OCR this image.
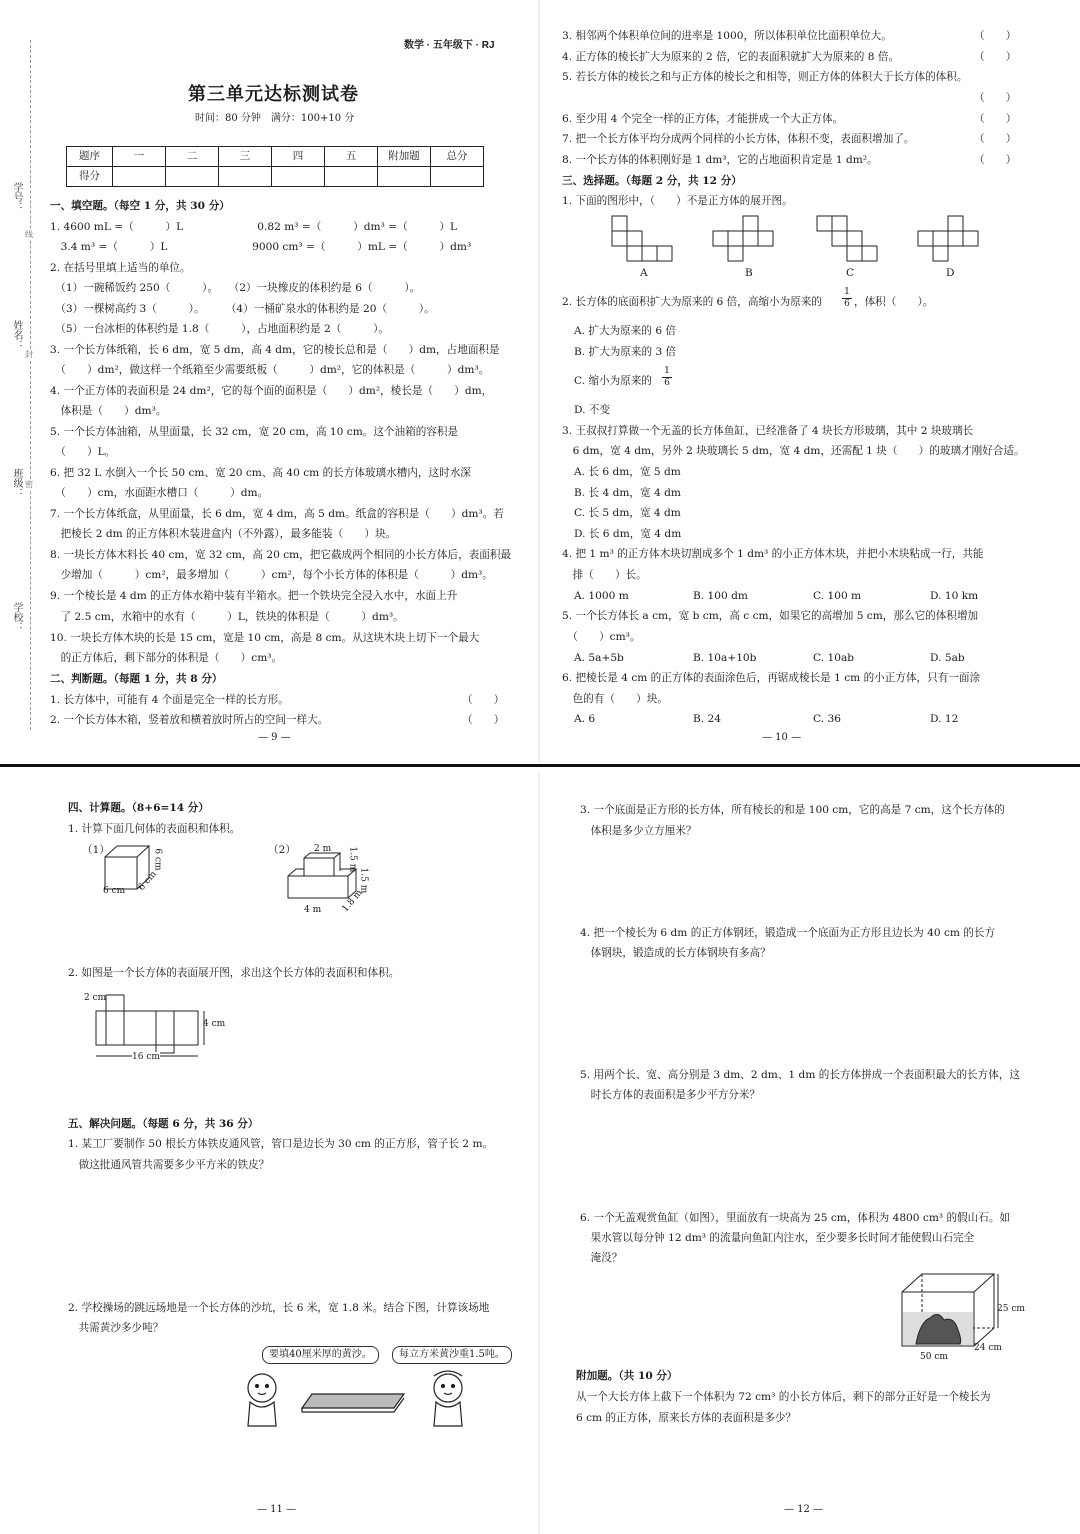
学号：
姓名：
班级：
学校：
线
封
密
数学 · 五年级下 · RJ
第三单元达标测试卷
时间：80 分钟　满分：100+10 分
题序	一	二	三	四	五	附加题	总分
得分							
一、填空题。（每空 1 分，共 30 分）
1. 4600 mL =（　　　）L　　　　　　　0.82 m³ =（　　　）dm³ =（　　　）L
　3.4 m³ =（　　　）L　　　　　　　　9000 cm³ =（　　　）mL =（　　　）dm³
2. 在括号里填上适当的单位。
　（1）一碗稀饭约 250（　　　）。　　（2）一块橡皮的体积约是 6（　　　）。
　（3）一棵树高约 3（　　　）。　　　（4）一桶矿泉水的体积约是 20（　　　）。
　（5）一台冰柜的体积约是 1.8（　　　），占地面积约是 2（　　　）。
3. 一个长方体纸箱，长 6 dm，宽 5 dm，高 4 dm，它的棱长总和是（　　）dm，占地面积是
　（　　）dm²，做这样一个纸箱至少需要纸板（　　　）dm²，它的体积是（　　　）dm³。
4. 一个正方体的表面积是 24 dm²，它的每个面的面积是（　　）dm²，棱长是（　　）dm，
　体积是（　　）dm³。
5. 一个长方体油箱，从里面量，长 32 cm，宽 20 cm，高 10 cm。这个油箱的容积是
　（　　）L。
6. 把 32 L 水倒入一个长 50 cm、宽 20 cm、高 40 cm 的长方体玻璃水槽内，这时水深
　（　　）cm，水面距水槽口（　　　）dm。
7. 一个长方体纸盒，从里面量，长 6 dm，宽 4 dm，高 5 dm。纸盒的容积是（　　）dm³。若
　把棱长 2 dm 的正方体积木装进盒内（不外露），最多能装（　　）块。
8. 一块长方体木料长 40 cm，宽 32 cm，高 20 cm，把它截成两个相同的小长方体后，表面积最
　少增加（　　　）cm²，最多增加（　　　）cm²，每个小长方体的体积是（　　　）dm³。
9. 一个棱长是 4 dm 的正方体水箱中装有半箱水。把一个铁块完全浸入水中，水面上升
　了 2.5 cm，水箱中的水有（　　　）L，铁块的体积是（　　　）dm³。
10. 一块长方体木块的长是 15 cm，宽是 10 cm，高是 8 cm。从这块木块上切下一个最大
　的正方体后，剩下部分的体积是（　　）cm³。
二、判断题。（每题 1 分，共 8 分）
1. 长方体中，可能有 4 个面是完全一样的长方形。	（　　）
2. 一个长方体木箱，竖着放和横着放时所占的空间一样大。	（　　）
— 9 —
3. 相邻两个体积单位间的进率是 1000，所以体积单位比面积单位大。	（　　）
4. 正方体的棱长扩大为原来的 2 倍，它的表面积就扩大为原来的 8 倍。	（　　）
5. 若长方体的棱长之和与正方体的棱长之和相等，则正方体的体积大于长方体的体积。
（　　）
6. 至少用 4 个完全一样的正方体，才能拼成一个大正方体。	（　　）
7. 把一个长方体平均分成两个同样的小长方体，体积不变，表面积增加了。	（　　）
8. 一个长方体的体积刚好是 1 dm³，它的占地面积肯定是 1 dm²。	（　　）
三、选择题。（每题 2 分，共 12 分）
1. 下面的图形中，（　　）不是正方体的展开图。
A	B	C	D
2. 长方体的底面积扩大为原来的 6 倍，高缩小为原来的 $\frac{1}{6}$ ，体积（　　）。
A. 扩大为原来的 6 倍
B. 扩大为原来的 3 倍
C. 缩小为原来的 $\frac{1}{6}$
D. 不变
3. 王叔叔打算做一个无盖的长方体鱼缸，已经准备了 4 块长方形玻璃，其中 2 块玻璃长
　6 dm，宽 4 dm，另外 2 块玻璃长 5 dm，宽 4 dm，还需配 1 块（　　）的玻璃才刚好合适。
A. 长 6 dm，宽 5 dm
B. 长 4 dm，宽 4 dm
C. 长 5 dm，宽 4 dm
D. 长 6 dm，宽 4 dm
4. 把 1 m³ 的正方体木块切割成多个 1 dm³ 的小正方体木块，并把小木块粘成一行，共能
　排（　　）长。
A. 1000 m	B. 100 dm	C. 100 m	D. 10 km
5. 一个长方体长 a cm，宽 b cm，高 c cm，如果它的高增加 5 cm，那么它的体积增加
　（　　）cm³。
A. 5a+5b	B. 10a+10b	C. 10ab	D. 5ab
6. 把棱长是 4 cm 的正方体的表面涂色后，再锯成棱长是 1 cm 的小正方体，只有一面涂
　色的有（　　）块。
A. 6	B. 24	C. 36	D. 12
— 10 —
四、计算题。（8+6=14 分）
1. 计算下面几何体的表面积和体积。
（1）
6 cm 6 cm
6 cm	（2） 2 m 1.5 m
1.5 m
4 m 1.8 m
2. 如图是一个长方体的表面展开图，求出这个长方体的表面积和体积。
2 cm
4 cm
16 cm
五、解决问题。（每题 6 分，共 36 分）
1. 某工厂要制作 50 根长方体铁皮通风管，管口是边长为 30 cm 的正方形，管子长 2 m。
　做这批通风管共需要多少平方米的铁皮？
2. 学校操场的跳远场地是一个长方体的沙坑，长 6 米，宽 1.8 米。结合下图，计算该场地
　共需黄沙多少吨？
要填40厘米厚的黄沙。	每立方米黄沙重1.5吨。
— 11 —
3. 一个底面是正方形的长方体，所有棱长的和是 100 cm，它的高是 7 cm，这个长方体的
　体积是多少立方厘米？
4. 把一个棱长为 6 dm 的正方体钢坯，锻造成一个底面为正方形且边长为 40 cm 的长方
　体钢块，锻造成的长方体钢块有多高？
5. 用两个长、宽、高分别是 3 dm、2 dm、1 dm 的长方体拼成一个表面积最大的长方体，这
　时长方体的表面积是多少平方分米？
6. 一个无盖观赏鱼缸（如图），里面放有一块高为 25 cm，体积为 4800 cm³ 的假山石。如
　果水管以每分钟 12 dm³ 的流量向鱼缸内注水，至少要多长时间才能使假山石完全
　淹没？
25 cm
50 cm
24 cm
附加题。（共 10 分）
从一个大长方体上截下一个体积为 72 cm³ 的小长方体后，剩下的部分正好是一个棱长为
6 cm 的正方体，原来长方体的表面积是多少？
— 12 —
